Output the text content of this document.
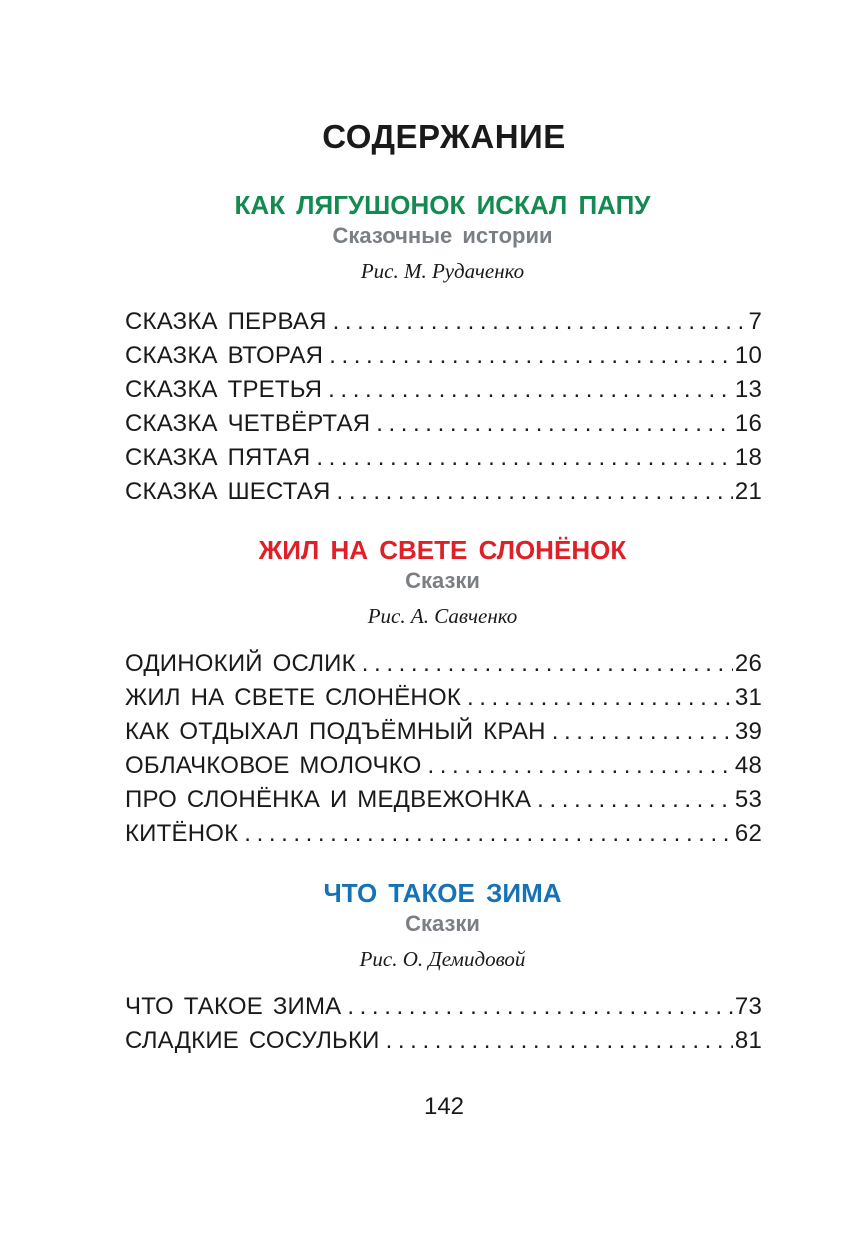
СОДЕРЖАНИЕ
КАК ЛЯГУШОНОК ИСКАЛ ПАПУ
Сказочные истории
Рис. М. Рудаченко
СКАЗКА ПЕРВАЯ .....	7
СКАЗКА ВТОРАЯ .....	10
СКАЗКА ТРЕТЬЯ .....	13
СКАЗКА ЧЕТВЁРТАЯ .....	16
СКАЗКА ПЯТАЯ .....	18
СКАЗКА ШЕСТАЯ .....	21
ЖИЛ НА СВЕТЕ СЛОНЁНОК
Сказки
Рис. А. Савченко
ОДИНОКИЙ ОСЛИК .....	26
ЖИЛ НА СВЕТЕ СЛОНЁНОК .....	31
КАК ОТДЫХАЛ ПОДЪЁМНЫЙ КРАН .....	39
ОБЛАЧКОВОЕ МОЛОЧКО .....	48
ПРО СЛОНЁНКА И МЕДВЕЖОНКА .....	53
КИТЁНОК .....	62
ЧТО ТАКОЕ ЗИМА
Сказки
Рис. О. Демидовой
ЧТО ТАКОЕ ЗИМА .....	73
СЛАДКИЕ СОСУЛЬКИ .....	81
142
